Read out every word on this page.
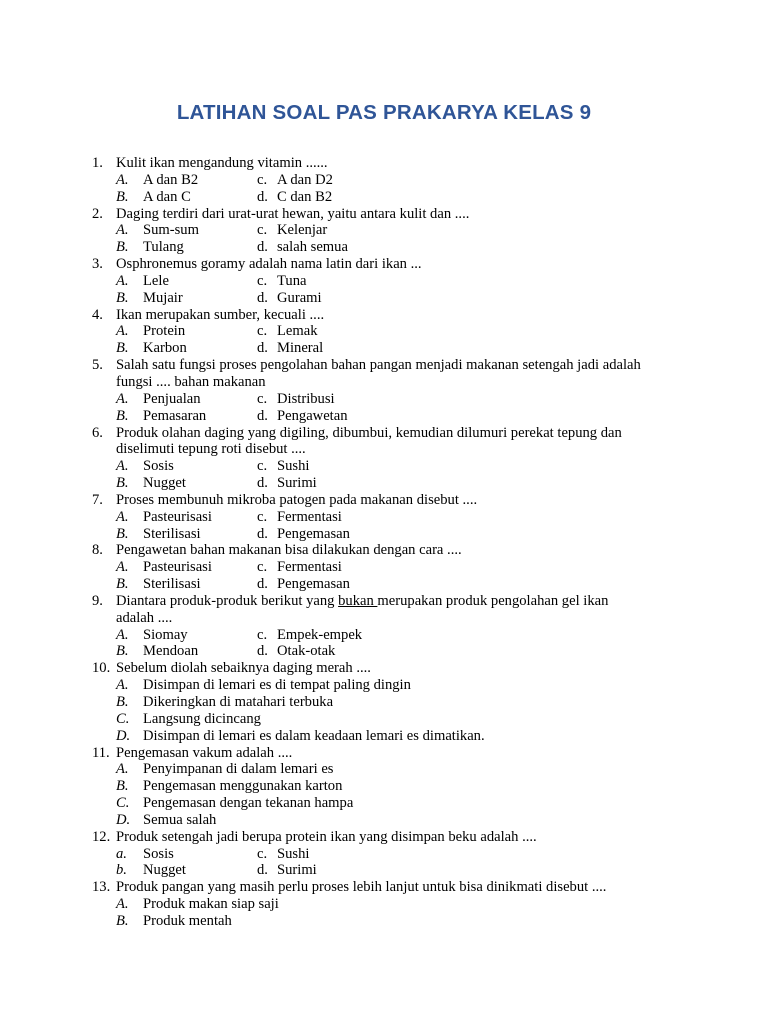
LATIHAN SOAL PAS PRAKARYA KELAS 9
1. Kulit ikan mengandung vitamin ......
A. A dan B2	c. A dan D2
B. A dan C	d. C dan B2
2. Daging terdiri dari urat-urat hewan, yaitu antara kulit dan ....
A. Sum-sum	c. Kelenjar
B. Tulang	d. salah semua
3. Osphronemus goramy adalah nama latin dari ikan ...
A. Lele	c. Tuna
B. Mujair	d. Gurami
4. Ikan merupakan sumber, kecuali ....
A. Protein	c. Lemak
B. Karbon	d. Mineral
5. Salah satu fungsi proses pengolahan bahan pangan menjadi makanan setengah jadi adalah
fungsi .... bahan makanan
A. Penjualan	c. Distribusi
B. Pemasaran	d. Pengawetan
6. Produk olahan daging yang digiling, dibumbui, kemudian dilumuri perekat tepung dan
diselimuti tepung roti disebut ....
A. Sosis	c. Sushi
B. Nugget	d. Surimi
7. Proses membunuh mikroba patogen pada makanan disebut ....
A. Pasteurisasi	c. Fermentasi
B. Sterilisasi	d. Pengemasan
8. Pengawetan bahan makanan bisa dilakukan dengan cara ....
A. Pasteurisasi	c. Fermentasi
B. Sterilisasi	d. Pengemasan
9. Diantara produk-produk berikut yang bukan merupakan produk pengolahan gel ikan
adalah ....
A. Siomay	c. Empek-empek
B. Mendoan	d. Otak-otak
10. Sebelum diolah sebaiknya daging merah ....
A. Disimpan di lemari es di tempat paling dingin
B. Dikeringkan di matahari terbuka
C. Langsung dicincang
D. Disimpan di lemari es dalam keadaan lemari es dimatikan.
11. Pengemasan vakum adalah ....
A. Penyimpanan di dalam lemari es
B. Pengemasan menggunakan karton
C. Pengemasan dengan tekanan hampa
D. Semua salah
12. Produk setengah jadi berupa protein ikan yang disimpan beku adalah ....
a. Sosis	c. Sushi
b. Nugget	d. Surimi
13. Produk pangan yang masih perlu proses lebih lanjut untuk bisa dinikmati disebut ....
A. Produk makan siap saji
B. Produk mentah
